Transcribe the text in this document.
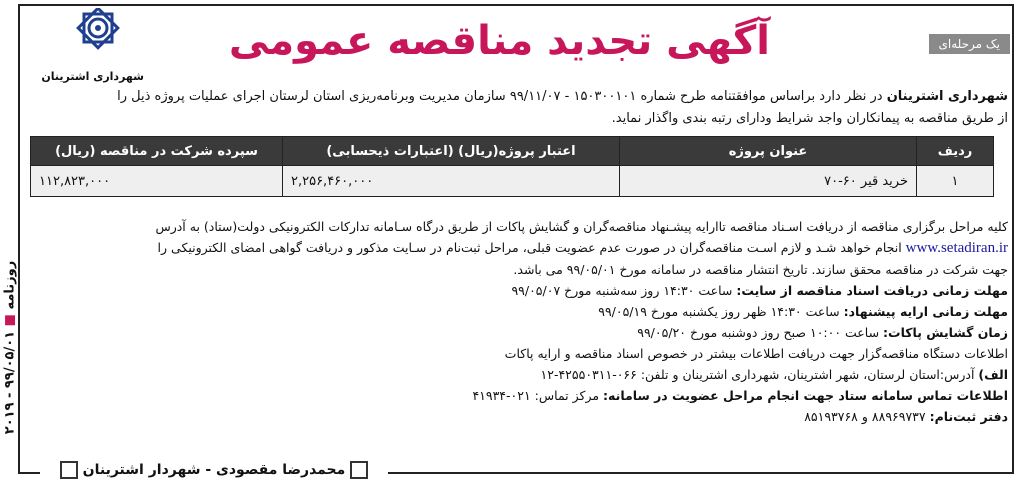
شهرداری اشترینان
آگهی تجدید مناقصه عمومی	یک مرحله‌ای
شهرداری اشترینان در نظر دارد براساس موافقتنامه طرح شماره ۱۵۰۳۰۰۱۰۱ - ۹۹/۱۱/۰۷ سازمان مدیریت وبرنامه‌ریزی استان لرستان اجرای عملیات پروژه ذیل را
از طریق مناقصه به پیمانکاران واجد شرایط ودارای رتبه بندی واگذار نماید.
ردیف	عنوان پروژه	اعتبار پروژه(ریال) (اعتبارات ذیحسابی)	سپرده شرکت در مناقصه (ریال)
۱	خرید قیر ۶۰-۷۰	۲,۲۵۶,۴۶۰,۰۰۰	۱۱۲,۸۲۳,۰۰۰

کلیه مراحل برگزاری مناقصه از دریافت اسـناد مناقصه تاارایه پیشـنهاد مناقصه‌گران و گشایش پاکات از طریق درگاه سـامانه تدارکات الکترونیکی دولت(ستاد) به آدرس

www.setadiran.ir انجام خواهد شـد و لازم اسـت مناقصه‌گران در صورت عدم عضویت قبلی، مراحل ثبت‌نام در سـایت مذکور و دریافت گواهی امضای الکترونیکی را

جهت شرکت در مناقصه محقق سازند. تاریخ انتشار مناقصه در سامانه مورخ ۹۹/۰۵/۰۱ می باشد.

مهلت زمانی دریافت اسناد مناقصه از سایت: ساعت ۱۴:۳۰ روز سه‌شنبه مورخ ۹۹/۰۵/۰۷

مهلت زمانی ارایه پیشنهاد: ساعت ۱۴:۳۰ ظهر روز یکشنبه مورخ ۹۹/۰۵/۱۹

زمان گشایش پاکات: ساعت ۱۰:۰۰ صبح روز دوشنبه مورخ ۹۹/۰۵/۲۰

اطلاعات دستگاه مناقصه‌گزار جهت دریافت اطلاعات بیشتر در خصوص اسناد مناقصه و ارایه پاکات

الف) آدرس:استان لرستان، شهر اشترینان، شهرداری اشترینان و تلفن: ۰۶۶-۴۲۵۵۰۳۱۱-۱۲

اطلاعات تماس سامانه ستاد جهت انجام مراحل عضویت در سامانه: مرکز تماس: ۰۲۱-۴۱۹۳۴

دفتر ثبت‌نام: ۸۸۹۶۹۷۳۷ و ۸۵۱۹۳۷۶۸

محمدرضا مقصودی - شهردار اشترینان
روزنامه ■ ۹۹/۰۵/۰۱ - ۲۰۱۹
